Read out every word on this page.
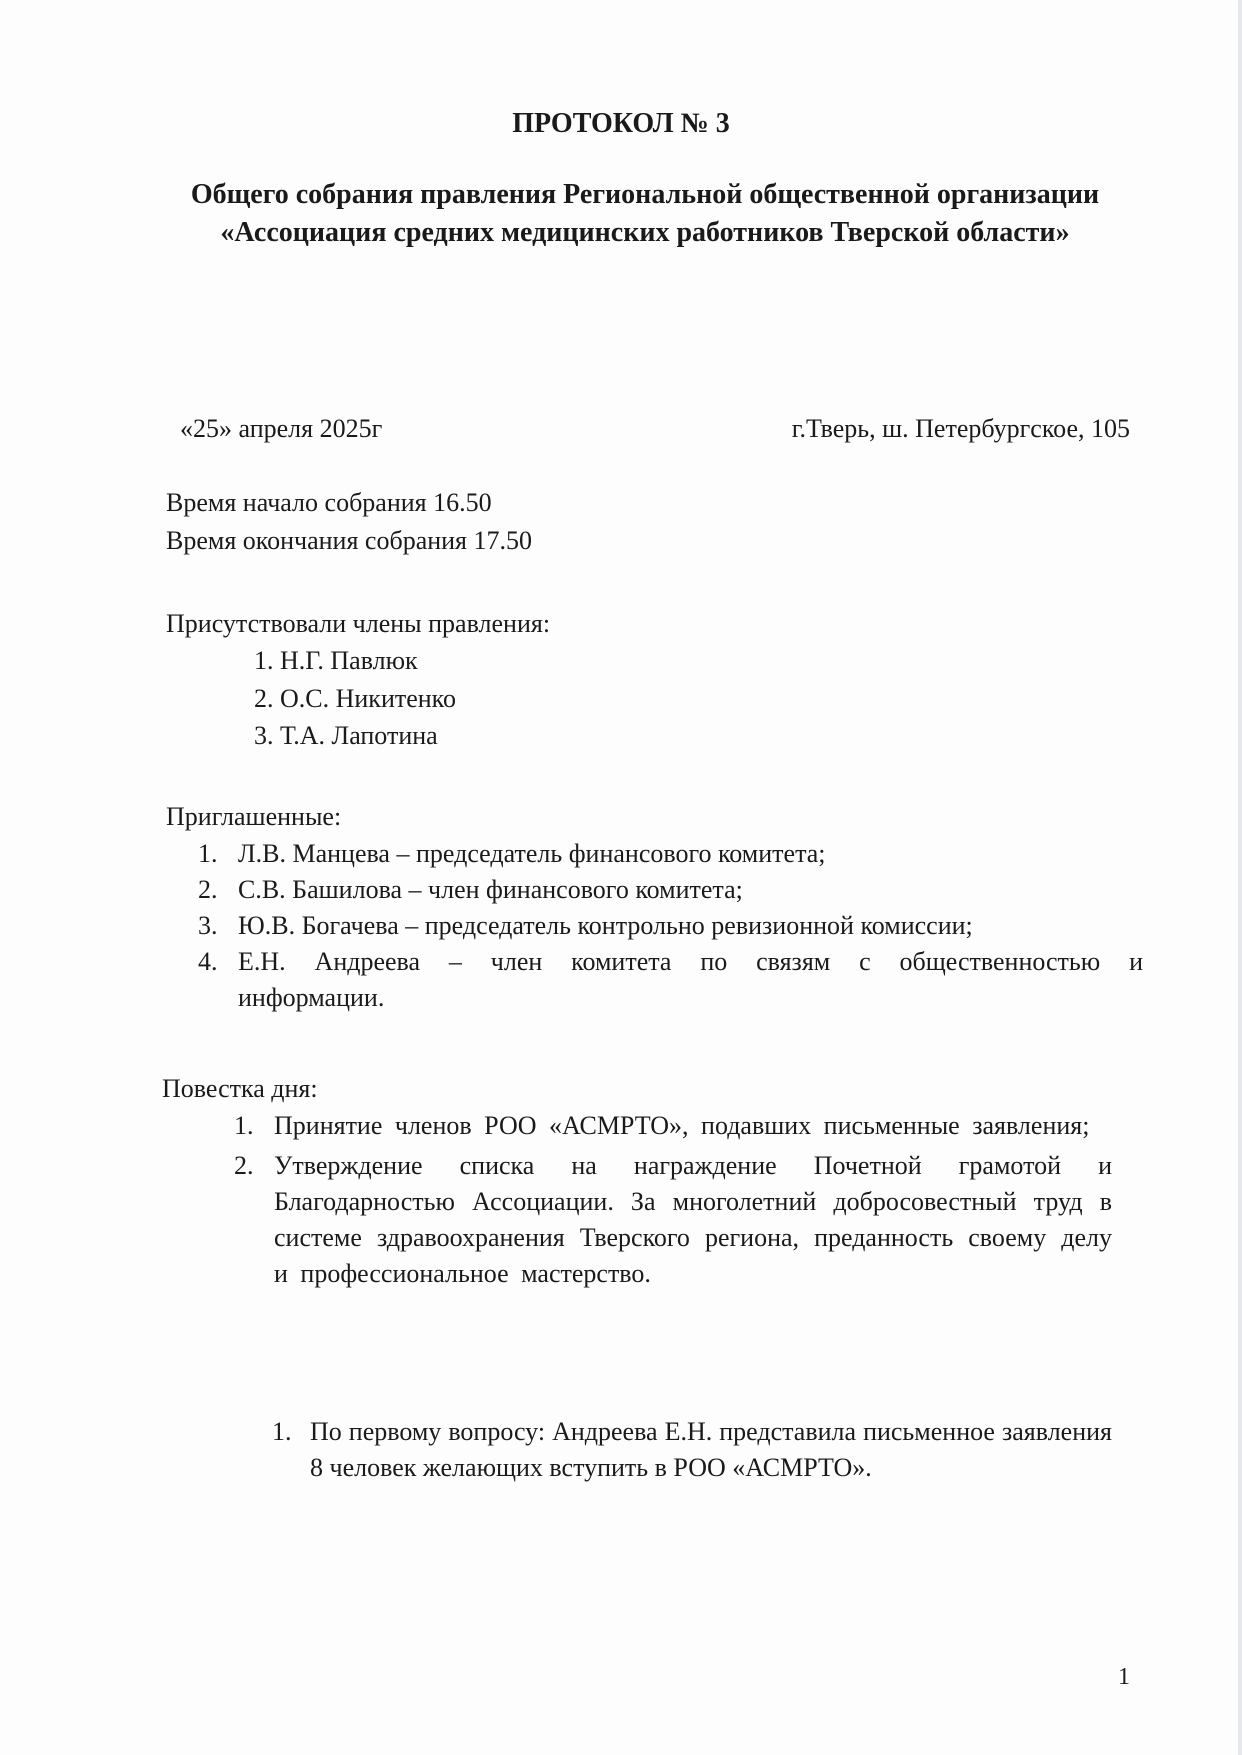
ПРОТОКОЛ № 3
Общего собрания правления Региональной общественной организации
«Ассоциация средних медицинских работников Тверской области»

«25» апреля 2025г	г.Тверь, ш. Петербургское, 105

Время начало собрания 16.50
Время окончания собрания 17.50

Присутствовали члены правления:

1. Н.Г. Павлюк
2. О.С. Никитенко
3. Т.А. Лапотина

Приглашенные:

1. Л.В. Манцева – председатель финансового комитета;
2. С.В. Башилова – член финансового комитета;
3. Ю.В. Богачева – председатель контрольно ревизионной комиссии;
4. Е.Н. Андреева – член комитета по связям с общественностью и информации.

Повестка дня:

1. Принятие членов РОО «АСМРТО», подавших письменные заявления;
2. Утверждение списка на награждение Почетной грамотой и Благодарностью Ассоциации. За многолетний добросовестный труд в системе здравоохранения Тверского региона, преданность своему делу и профессиональное мастерство.
1. По первому вопросу: Андреева Е.Н. представила письменное заявления 8 человек желающих вступить в РОО «АСМРТО».

1
